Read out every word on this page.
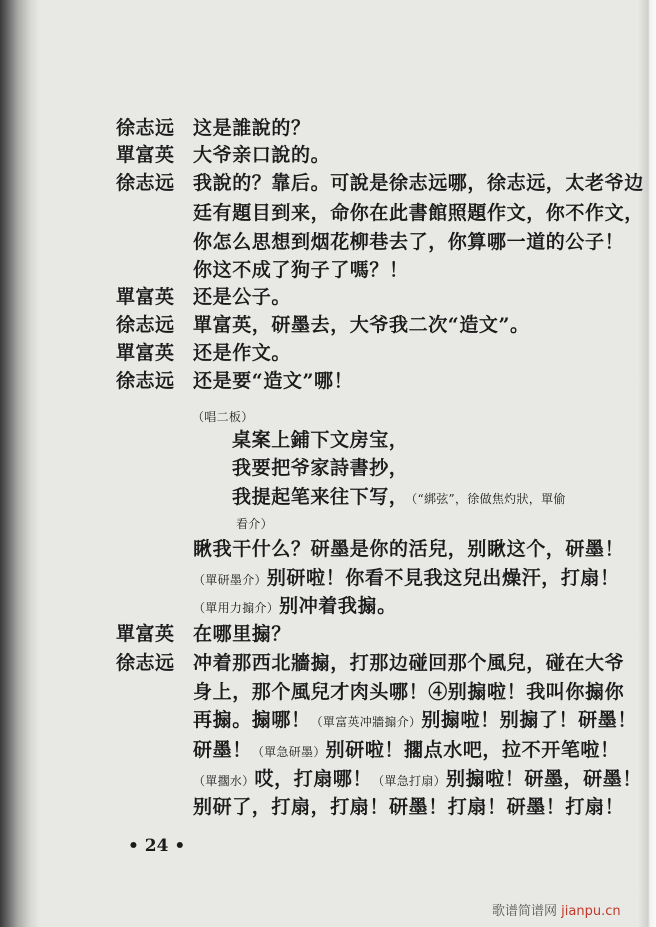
徐志远 这是誰說的？
單富英 大爷亲口說的。
徐志远 我說的？靠后。可說是徐志远哪，徐志远，太老爷边
廷有題目到来，命你在此書館照題作文，你不作文，
你怎么思想到烟花柳巷去了，你算哪一道的公子！
你这不成了狗子了嗎？！
單富英 还是公子。
徐志远 單富英，研墨去，大爷我二次“造文”。
單富英 还是作文。
徐志远 还是要“造文”哪！
（唱二板）
桌案上鋪下文房宝，
我要把爷家詩書抄，
我提起笔来往下写，　（“綁弦”，徐做焦灼狀，單偷
看介）
瞅我干什么？研墨是你的活兒，别瞅这个，研墨！
（單研墨介）别研啦！你看不見我这兒出燥汗，打扇！
（單用力搧介）别冲着我搧。
單富英 在哪里搧？
徐志远 冲着那西北牆搧，打那边碰回那个風兒，碰在大爷
身上，那个風兒才肉头哪！④别搧啦！我叫你搧你
再搧。搧哪！（單富英冲牆搧介）别搧啦！别搧了！研墨！
研墨！（單急研墨）别研啦！擱点水吧，拉不开笔啦！
（單擱水）哎，打扇哪！（單急打扇）别搧啦！研墨，研墨！
别研了，打扇，打扇！研墨！打扇！研墨！打扇！
• 24 •
歌谱简谱网 jianpu.cn
